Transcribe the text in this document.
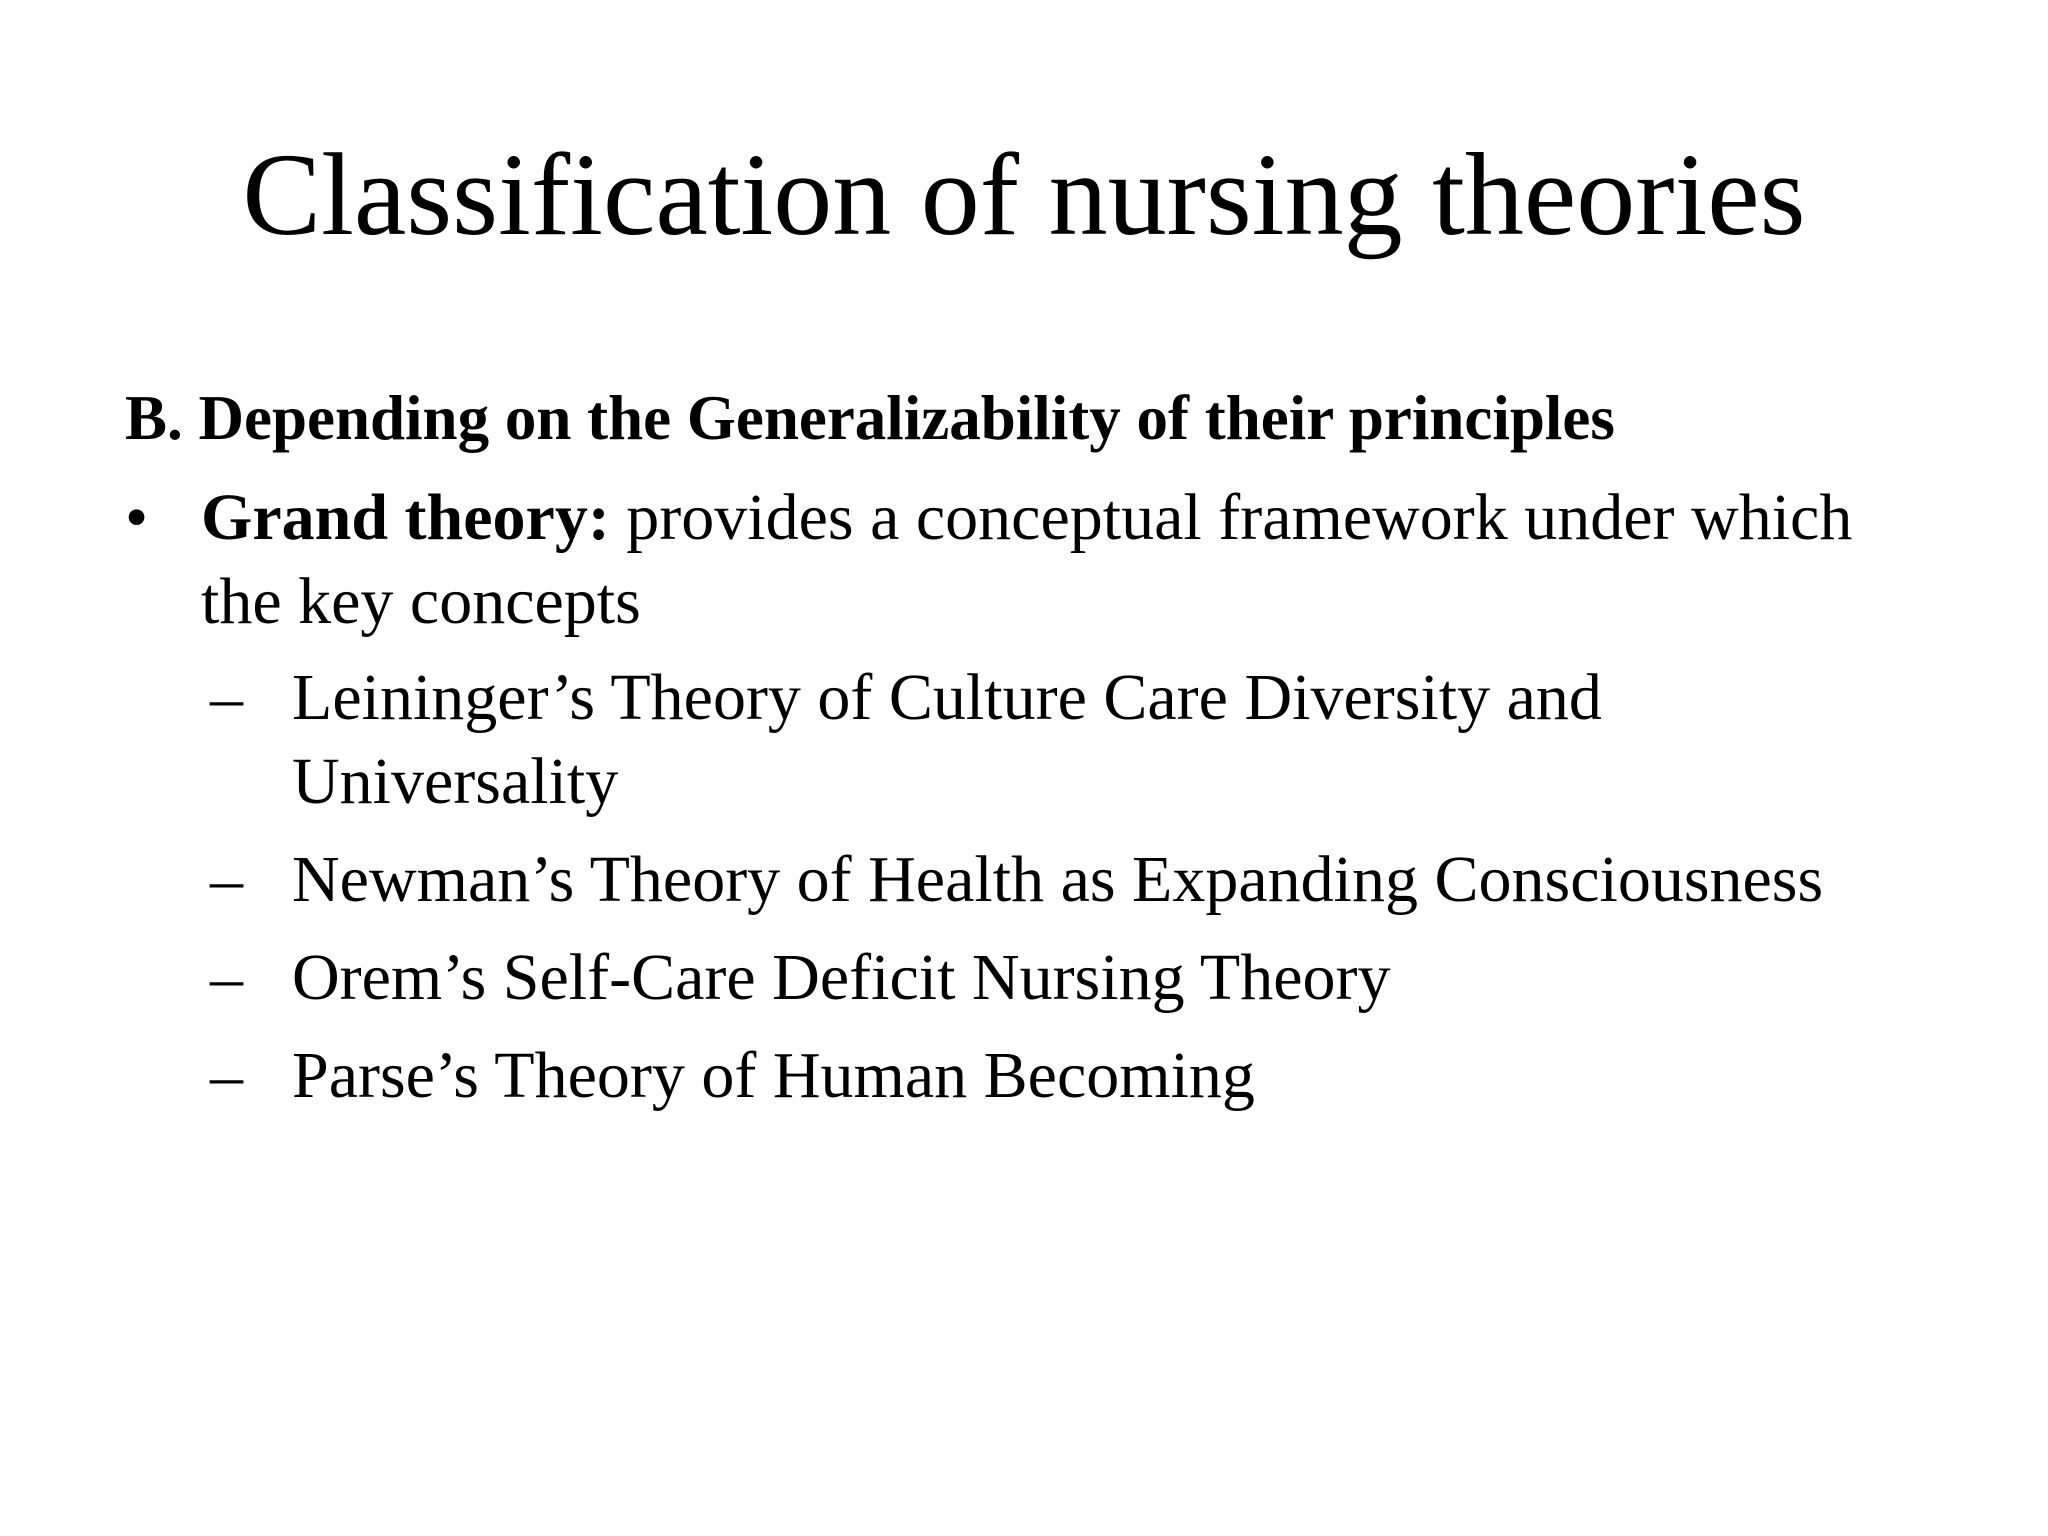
Classification of nursing theories
B. Depending on the Generalizability of their principles
• Grand theory: provides a conceptual framework under which the key concepts
– Leininger’s Theory of Culture Care Diversity and Universality
– Newman’s Theory of Health as Expanding Consciousness
– Orem’s Self-Care Deficit Nursing Theory
– Parse’s Theory of Human Becoming
